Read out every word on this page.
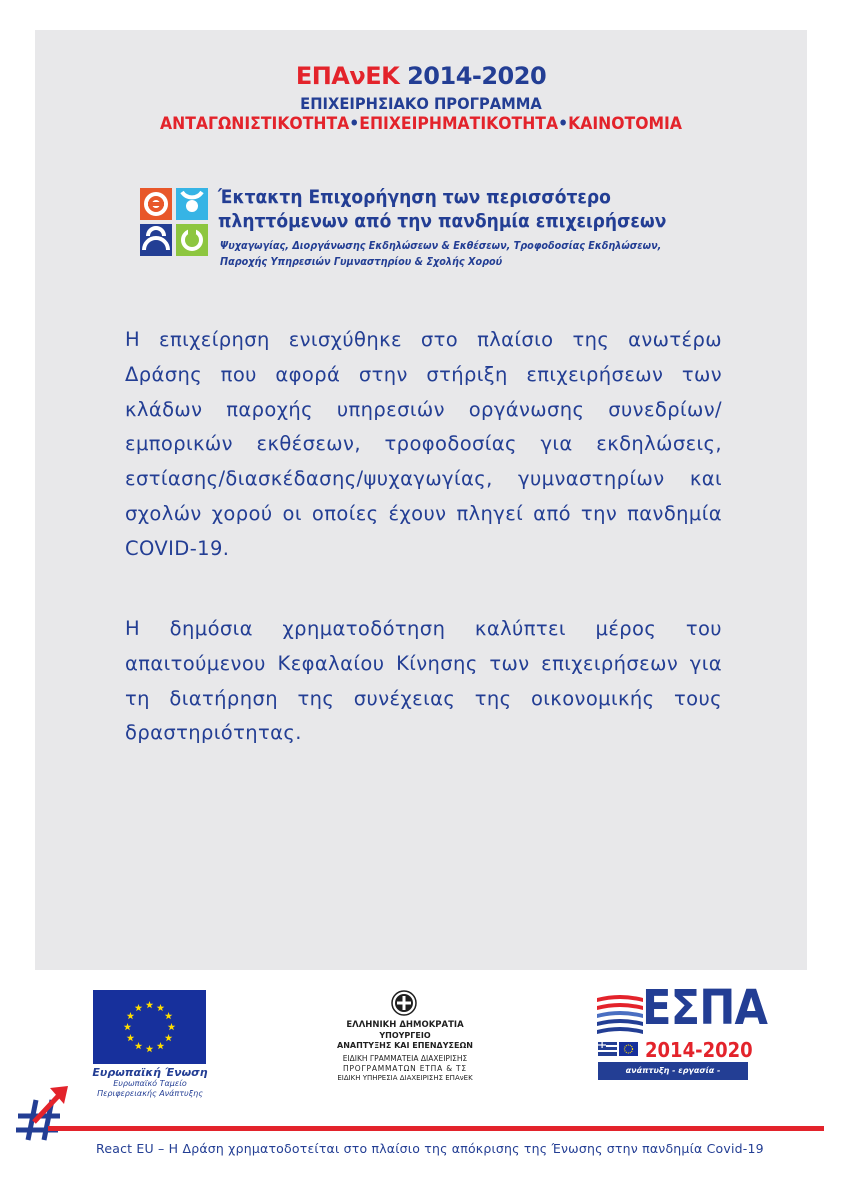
ΕΠΑνΕΚ 2014-2020
ΕΠΙΧΕΙΡΗΣΙΑΚΟ ΠΡΟΓΡΑΜΜΑ
ΑΝΤΑΓΩΝΙΣΤΙΚΟΤΗΤΑ•ΕΠΙΧΕΙΡΗΜΑΤΙΚΟΤΗΤΑ•ΚΑΙΝΟΤΟΜΙΑ
Έκτακτη Επιχορήγηση των περισσότερο
πληττόμενων από την πανδημία επιχειρήσεων
Ψυχαγωγίας, Διοργάνωσης Εκδηλώσεων & Εκθέσεων, Τροφοδοσίας Εκδηλώσεων,
Παροχής Υπηρεσιών Γυμναστηρίου & Σχολής Χορού
Η επιχείρηση ενισχύθηκε στο πλαίσιο της ανωτέρω Δράσης που αφορά στην στήριξη επιχειρήσεων των κλάδων παροχής υπηρεσιών οργάνωσης συνεδρίων/εμπορικών εκθέσεων, τροφοδοσίας για εκδηλώσεις, εστίασης/διασκέδασης/ψυχαγωγίας, γυμναστηρίων και σχολών χορού οι οποίες έχουν πληγεί από την πανδημία COVID-19.
Η δημόσια χρηματοδότηση καλύπτει μέρος του απαιτούμενου Κεφαλαίου Κίνησης των επιχειρήσεων για τη διατήρηση της συνέχειας της οικονομικής τους δραστηριότητας.
Ευρωπαϊκή Ένωση
Ευρωπαϊκό Ταμείο
Περιφερειακής Ανάπτυξης
ΕΛΛΗΝΙΚΗ ΔΗΜΟΚΡΑΤΙΑ
ΥΠΟΥΡΓΕΙΟ
ΑΝΑΠΤΥΞΗΣ ΚΑΙ ΕΠΕΝΔΥΣΕΩΝ
ΕΙΔΙΚΗ ΓΡΑΜΜΑΤΕΙΑ ΔΙΑΧΕΙΡΙΣΗΣ
ΠΡΟΓΡΑΜΜΑΤΩΝ ΕΤΠΑ & ΤΣ
ΕΙΔΙΚΗ ΥΠΗΡΕΣΙΑ ΔΙΑΧΕΙΡΙΣΗΣ ΕΠΑνΕΚ
ΕΣΠΑ
2014-2020
ανάπτυξη - εργασία - αλληλεγγύη
React EU – Η Δράση χρηματοδοτείται στο πλαίσιο της απόκρισης της Ένωσης στην πανδημία Covid-19
